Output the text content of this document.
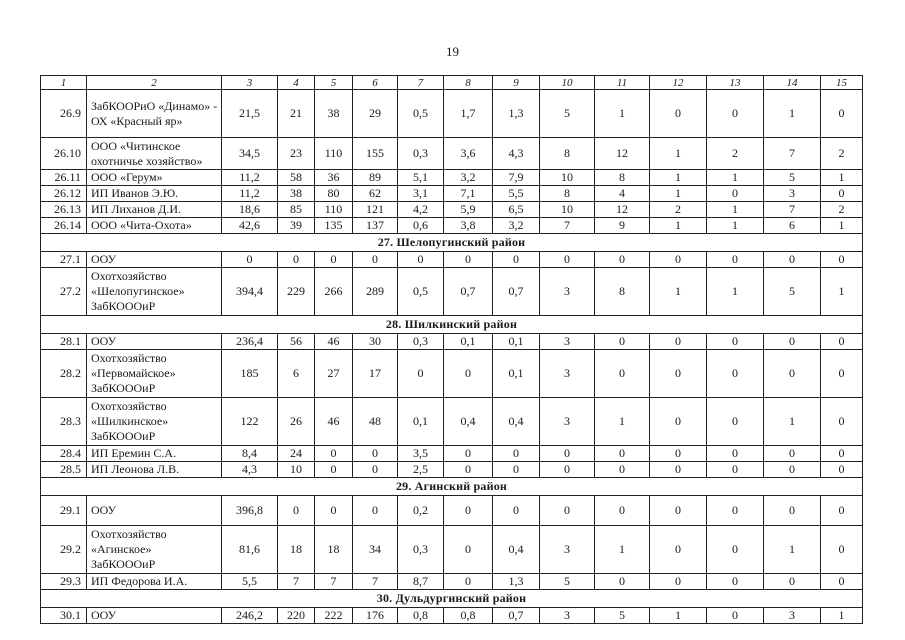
19
1	2	3	4	5	6	7	8	9	10	11	12	13	14	15
26.9	ЗабКООРиО «Динамо» - ОХ «Красный яр»	21,5	21	38	29	0,5	1,7	1,3	5	1	0	0	1	0
26.10	ООО «Читинское охотничье хозяйство»	34,5	23	110	155	0,3	3,6	4,3	8	12	1	2	7	2
26.11	ООО «Герум»	11,2	58	36	89	5,1	3,2	7,9	10	8	1	1	5	1
26.12	ИП Иванов Э.Ю.	11,2	38	80	62	3,1	7,1	5,5	8	4	1	0	3	0
26.13	ИП Лиханов Д.И.	18,6	85	110	121	4,2	5,9	6,5	10	12	2	1	7	2
26.14	ООО «Чита-Охота»	42,6	39	135	137	0,6	3,8	3,2	7	9	1	1	6	1
27. Шелопугинский район														
27.1	ООУ	0	0	0	0	0	0	0	0	0	0	0	0	0
27.2	Охотхозяйство «Шелопугинское» ЗабКОООиР	394,4	229	266	289	0,5	0,7	0,7	3	8	1	1	5	1
28. Шилкинский район														
28.1	ООУ	236,4	56	46	30	0,3	0,1	0,1	3	0	0	0	0	0
28.2	Охотхозяйство «Первомайское» ЗабКОООиР	185	6	27	17	0	0	0,1	3	0	0	0	0	0
28.3	Охотхозяйство «Шилкинское» ЗабКОООиР	122	26	46	48	0,1	0,4	0,4	3	1	0	0	1	0
28.4	ИП Еремин С.А.	8,4	24	0	0	3,5	0	0	0	0	0	0	0	0
28.5	ИП Леонова Л.В.	4,3	10	0	0	2,5	0	0	0	0	0	0	0	0
29. Агинский район														
29.1	ООУ	396,8	0	0	0	0,2	0	0	0	0	0	0	0	0
29.2	Охотхозяйство «Агинское» ЗабКОООиР	81,6	18	18	34	0,3	0	0,4	3	1	0	0	1	0
29.3	ИП Федорова И.А.	5,5	7	7	7	8,7	0	1,3	5	0	0	0	0	0
30. Дульдургинский район														
30.1	ООУ	246,2	220	222	176	0,8	0,8	0,7	3	5	1	0	3	1
